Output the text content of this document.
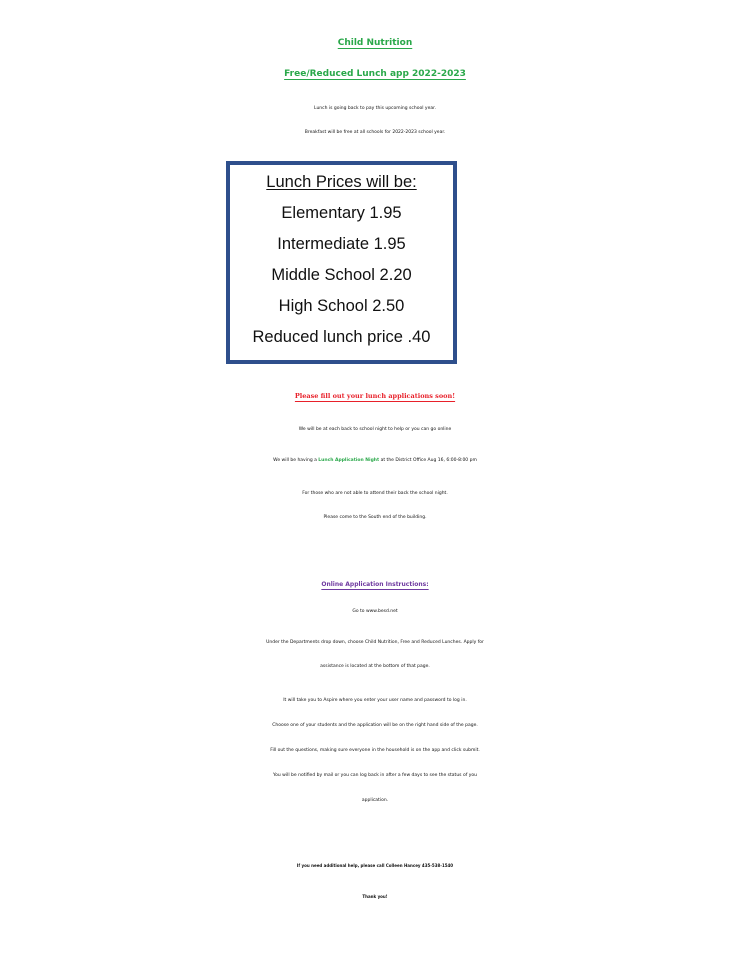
Child Nutrition
Free/Reduced Lunch app 2022-2023
Lunch is going back to pay this upcoming school year.
Breakfast will be free at all schools for 2022-2023 school year.
Lunch Prices will be:
Elementary 1.95
Intermediate 1.95
Middle School 2.20
High School 2.50
Reduced lunch price .40
Please fill out your lunch applications soon!
We will be at each back to school night to help or you can go online
We will be having a Lunch Application Night at the District Office Aug 16, 6:00-8:00 pm
For those who are not able to attend their back the school night.
Please come to the South end of the building.
Online Application Instructions:
Go to www.besd.net
Under the Departments drop down, choose Child Nutrition, Free and Reduced Lunches. Apply for
assistance is located at the bottom of that page.
It will take you to Aspire where you enter your user name and password to log in.
Choose one of your students and the application will be on the right hand side of the page.
Fill out the questions, making sure everyone in the household is on the app and click submit.
You will be notified by mail or you can log back in after a few days to see the status of you
application.
If you need additional help, please call Colleen Hancey 435-538-1540
Thank you!
